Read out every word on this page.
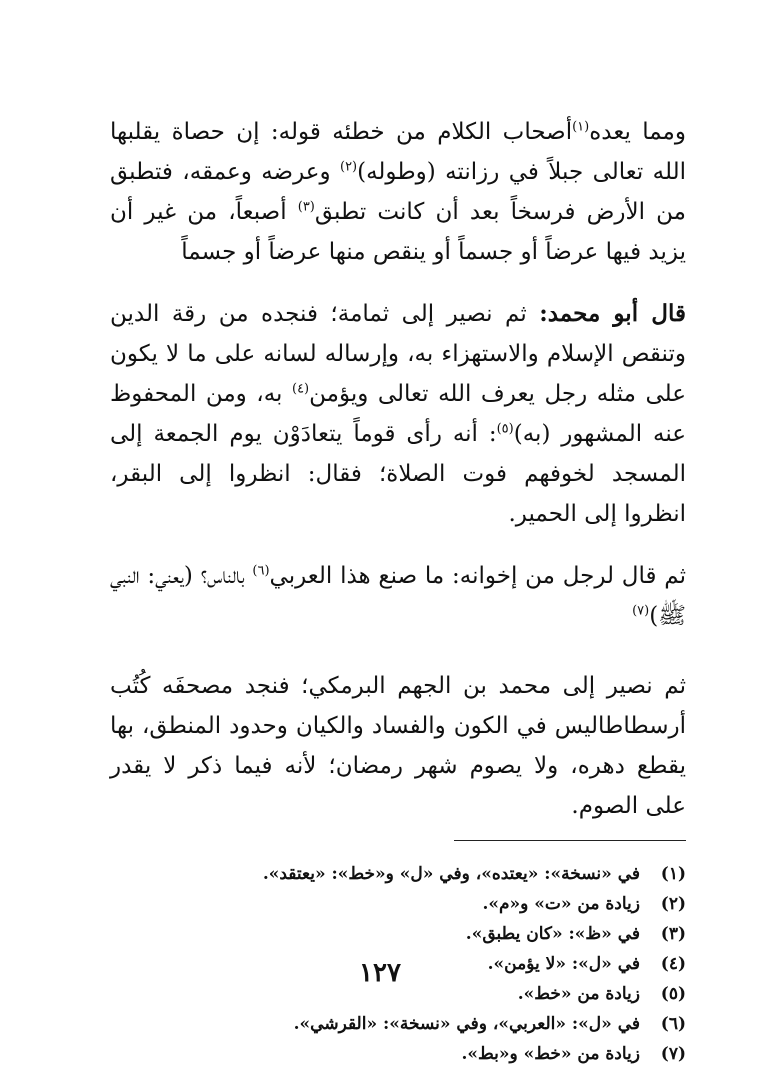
ومما يعده$^{(١)}$أصحاب الكلام من خطئه قوله: إن حصاة يقلبها الله تعالى جبلاً في رزانته (وطوله)$^{(٢)}$ وعرضه وعمقه، فتطبق من الأرض فرسخاً بعد أن كانت تطبق$^{(٣)}$ أصبعاً، من غير أن يزيد فيها عرضاً أو جسماً أو ينقص منها عرضاً أو جسماً

قال أبو محمد: ثم نصير إلى ثمامة؛ فنجده من رقة الدين وتنقص الإسلام والاستهزاء به، وإرساله لسانه على ما لا يكون على مثله رجل يعرف الله تعالى ويؤمن$^{(٤)}$ به، ومن المحفوظ عنه المشهور (به)$^{(٥)}$: أنه رأى قوماً يتعادَوْن يوم الجمعة إلى المسجد لخوفهم فوت الصلاة؛ فقال: انظروا إلى البقر، انظروا إلى الحمير.

ثم قال لرجل من إخوانه: ما صنع هذا العربي$^{(٦)}$ بالناس؟ (يعني: النبي ﷺ)$^{(٧)}$

ثم نصير إلى محمد بن الجهم البرمكي؛ فنجد مصحفَه كُتُب أرسطاطاليس في الكون والفساد والكيان وحدود المنطق، بها يقطع دهره، ولا يصوم شهر رمضان؛ لأنه فيما ذكر لا يقدر على الصوم.

(١)
في «نسخة»: «يعتده»، وفي «ل» و«خط»: «يعتقد».
(٢)
زيادة من «ت» و«م».
(٣)
في «ظ»: «كان يطبق».
(٤)
في «ل»: «لا يؤمن».
(٥)
زيادة من «خط».
(٦)
في «ل»: «العربي»، وفي «نسخة»: «القرشي».
(٧)
زيادة من «خط» و«بط».
١٢٧
